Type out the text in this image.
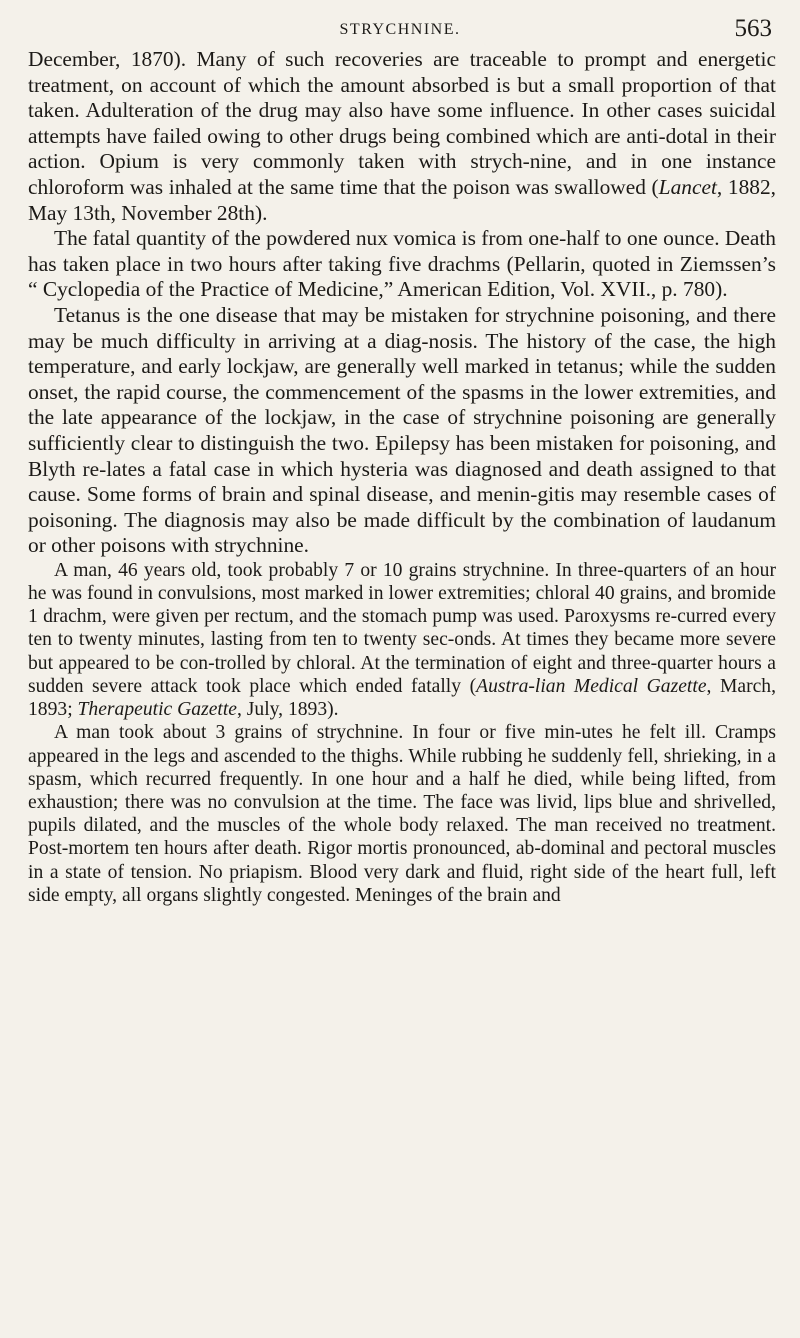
STRYCHNINE.	563

December, 1870). Many of such recoveries are traceable to prompt and energetic treatment, on account of which the amount absorbed is but a small proportion of that taken. Adulteration of the drug may also have some influence. In other cases suicidal attempts have failed owing to other drugs being combined which are anti-dotal in their action. Opium is very commonly taken with strych-nine, and in one instance chloroform was inhaled at the same time that the poison was swallowed (Lancet, 1882, May 13th, November 28th).

The fatal quantity of the powdered nux vomica is from one-half to one ounce. Death has taken place in two hours after taking five drachms (Pellarin, quoted in Ziemssen’s “ Cyclopedia of the Practice of Medicine,” American Edition, Vol. XVII., p. 780).

Tetanus is the one disease that may be mistaken for strychnine poisoning, and there may be much difficulty in arriving at a diag-nosis. The history of the case, the high temperature, and early lockjaw, are generally well marked in tetanus; while the sudden onset, the rapid course, the commencement of the spasms in the lower extremities, and the late appearance of the lockjaw, in the case of strychnine poisoning are generally sufficiently clear to distinguish the two. Epilepsy has been mistaken for poisoning, and Blyth re-lates a fatal case in which hysteria was diagnosed and death assigned to that cause. Some forms of brain and spinal disease, and menin-gitis may resemble cases of poisoning. The diagnosis may also be made difficult by the combination of laudanum or other poisons with strychnine.

A man, 46 years old, took probably 7 or 10 grains strychnine. In three-quarters of an hour he was found in convulsions, most marked in lower extremities; chloral 40 grains, and bromide 1 drachm, were given per rectum, and the stomach pump was used. Paroxysms re-curred every ten to twenty minutes, lasting from ten to twenty sec-onds. At times they became more severe but appeared to be con-trolled by chloral. At the termination of eight and three-quarter hours a sudden severe attack took place which ended fatally (Austra-lian Medical Gazette, March, 1893; Therapeutic Gazette, July, 1893).

A man took about 3 grains of strychnine. In four or five min-utes he felt ill. Cramps appeared in the legs and ascended to the thighs. While rubbing he suddenly fell, shrieking, in a spasm, which recurred frequently. In one hour and a half he died, while being lifted, from exhaustion; there was no convulsion at the time. The face was livid, lips blue and shrivelled, pupils dilated, and the muscles of the whole body relaxed. The man received no treatment. Post-mortem ten hours after death. Rigor mortis pronounced, ab-dominal and pectoral muscles in a state of tension. No priapism. Blood very dark and fluid, right side of the heart full, left side empty, all organs slightly congested. Meninges of the brain and
